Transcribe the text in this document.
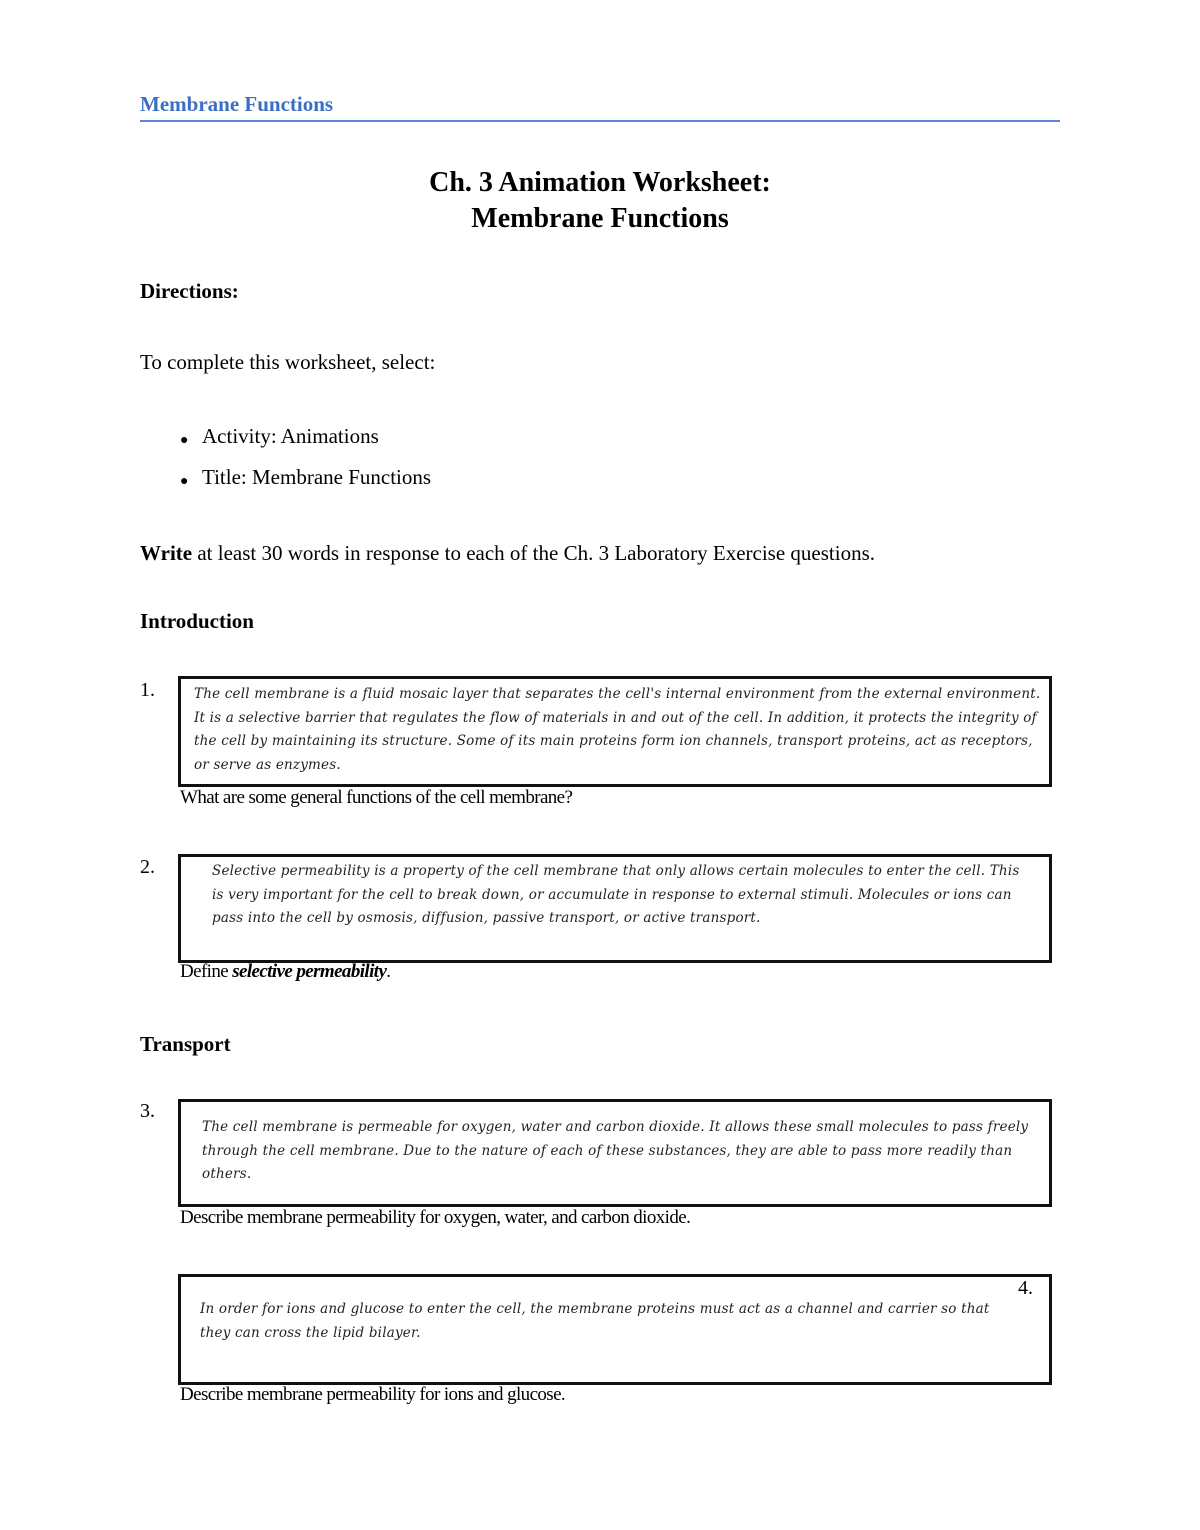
Membrane Functions
Ch. 3 Animation Worksheet:
Membrane Functions
Directions:
To complete this worksheet, select:
● Activity: Animations
● Title: Membrane Functions
Write at least 30 words in response to each of the Ch. 3 Laboratory Exercise questions.
Introduction
1.	The cell membrane is a fluid mosaic layer that separates the cell's internal environment from the external environment. It is a selective barrier that regulates the flow of materials in and out of the cell. In addition, it protects the integrity of the cell by maintaining its structure. Some of its main proteins form ion channels, transport proteins, act as receptors, or serve as enzymes.
What are some general functions of the cell membrane?
2.	Selective permeability is a property of the cell membrane that only allows certain molecules to enter the cell. This is very important for the cell to break down, or accumulate in response to external stimuli. Molecules or ions can pass into the cell by osmosis, diffusion, passive transport, or active transport.
Define selective permeability.
Transport
3.
The cell membrane is permeable for oxygen, water and carbon dioxide. It allows these small molecules to pass freely through the cell membrane. Due to the nature of each of these substances, they are able to pass more readily than others.
Describe membrane permeability for oxygen, water, and carbon dioxide.
4.
In order for ions and glucose to enter the cell, the membrane proteins must act as a channel and carrier so that they can cross the lipid bilayer.
Describe membrane permeability for ions and glucose.
